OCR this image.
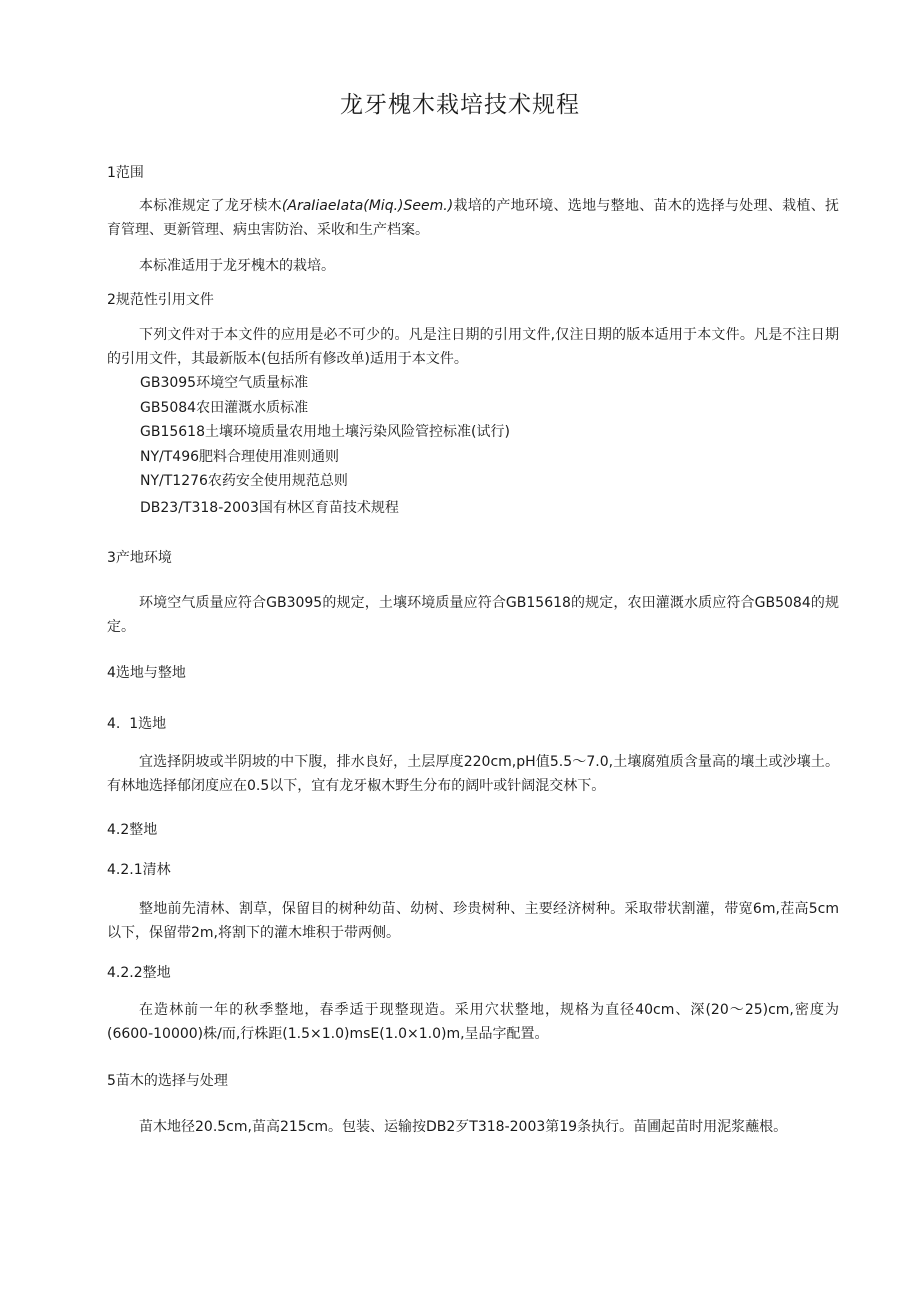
龙牙槐木栽培技术规程
1范围
本标准规定了龙牙椟木(AraIiaeIata(Miq.)Seem.)栽培的产地环境、选地与整地、苗木的选择与处理、栽植、抚育管理、更新管理、病虫害防治、采收和生产档案。
本标准适用于龙牙槐木的栽培。
2规范性引用文件
下列文件对于本文件的应用是必不可少的。凡是注日期的引用文件,仅注日期的版本适用于本文件。凡是不注日期的引用文件，其最新版本(包括所有修改单)适用于本文件。
GB3095环境空气质量标准
GB5084农田灌溉水质标准
GB15618土壤环境质量农用地土壤污染风险管控标准(试行)
NY/T496肥料合理使用准则通则
NY/T1276农药安全使用规范总则
DB23/T318-2003国有林区育苗技术规程
3产地环境
环境空气质量应符合GB3095的规定，土壤环境质量应符合GB15618的规定，农田灌溉水质应符合GB5084的规定。
4选地与整地
4.  1选地
宜选择阴坡或半阴坡的中下腹，排水良好，土层厚度220cm,pH值5.5～7.0,土壤腐殖质含量高的壤土或沙壤土。有林地选择郁闭度应在0.5以下，宜有龙牙椒木野生分布的阔叶或针阔混交林下。
4.2整地
4.2.1清林
整地前先清林、割草，保留目的树种幼苗、幼树、珍贵树种、主要经济树种。采取带状割灌，带宽6m,茬高5cm以下，保留带2m,将割下的灌木堆积于带两侧。
4.2.2整地
在造林前一年的秋季整地，春季适于现整现造。采用穴状整地，规格为直径40cm、深(20～25)cm,密度为(6600-10000)株/而,行株距(1.5×1.0)msE(1.0×1.0)m,呈品字配置。
5苗木的选择与处理
苗木地径20.5cm,苗高215cm。包装、运输按DB2歹T318-2003第19条执行。苗圃起苗时用泥浆蘸根。
